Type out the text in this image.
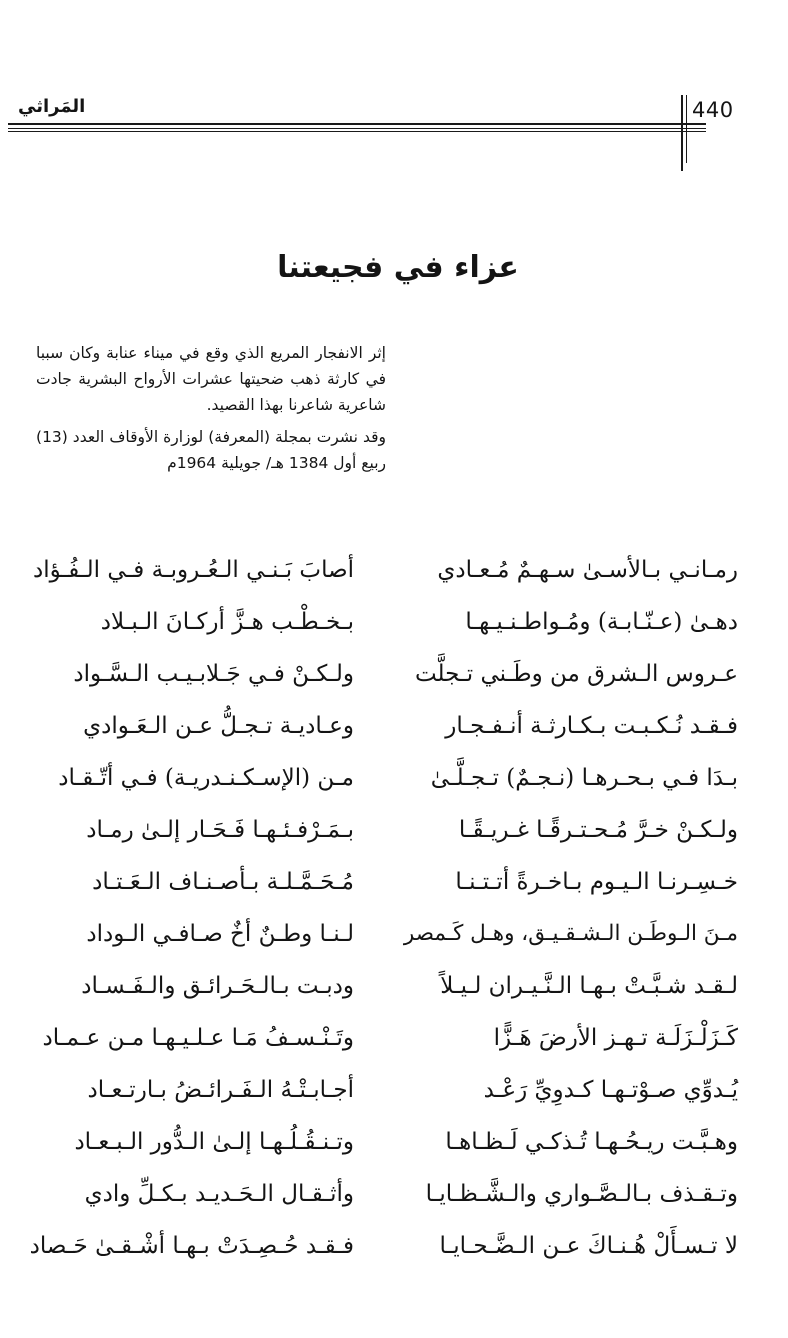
440
المَراثي
عزاء في فجيعتنا

إثر الانفجار المريع الذي وقع في ميناء عنابة وكان سببا في كارثة ذهب ضحيتها عشرات الأرواح البشرية جادت شاعرية شاعرنا بهذا القصيد.

وقد نشرت بمجلة (المعرفة) لوزارة الأوقاف العدد (13) ربيع أول 1384 هـ/ جويلية 1964م

رمـانـي بـالأسـىٰ سـهـمٌ مُـعـادي
أصابَ بَـنـي الـعُـروبـة فـي الـفُـؤاد
دهـىٰ (عـنّـابـة) ومُـواطـنـيـهـا
بـخـطْـب هـزَّ أركـانَ الـبـلاد
عـروس الـشرق من وطَـني تـجلَّت
ولـكـنْ فـي جَـلابـيـب الـسَّـواد
فـقـد نُـكـبـت بـكـارثـة أنـفـجـار
وعـاديـة تـجـلُّ عـن الـعَـوادي
بـدَا فـي بـحـرهـا (نـجـمٌ) تـجـلَّـىٰ
مـن (الإسـكـنـدريـة) فـي أتّـقـاد
ولـكـنْ خـرَّ مُـحـتـرقًـا غـريـقًـا
بـمَـرْفـئـهـا فَـحَـار إلـىٰ رمـاد
خـسِـرنـا الـيـوم بـاخـرةً أتـتـنـا
مُـحَـمَّـلـة بـأصـنـاف الـعَـتـاد
مـنَ الـوطَـن الـشـقـيـق، وهـل كَـمصر
لـنـا وطـنٌ أخٌ صـافـي الـوداد
لـقـد شـبَّـتْ بـهـا الـنَّـيـران لـيـلاً
ودبـت بـالـحَـرائـق والـفَـسـاد
كَـزَلْـزَلَـة تـهـز الأرضَ هَـزًّا
وتَـنْـسـفُ مَـا عـلـيـهـا مـن عـمـاد
يُـدوِّي صـوْتـهـا كـدوِيِّ رَعْـد
أجـابـتْـهُ الـفَـرائـضُ بـارتـعـاد
وهـبَّـت ريـحُـهـا تُـذكـي لَـظـاهـا
وتـنـقُـلُـهـا إلـىٰ الـدُّور الـبـعـاد
وتـقـذف بـالـصَّـواري والـشَّـظـايـا
وأثـقـال الـحَـديـد بـكـلِّ وادي
لا تـسـأَلْ هُـنـاكَ عـن الـضَّـحـايـا
فـقـد حُـصِـدَتْ بـهـا أشْـقـىٰ حَـصاد
